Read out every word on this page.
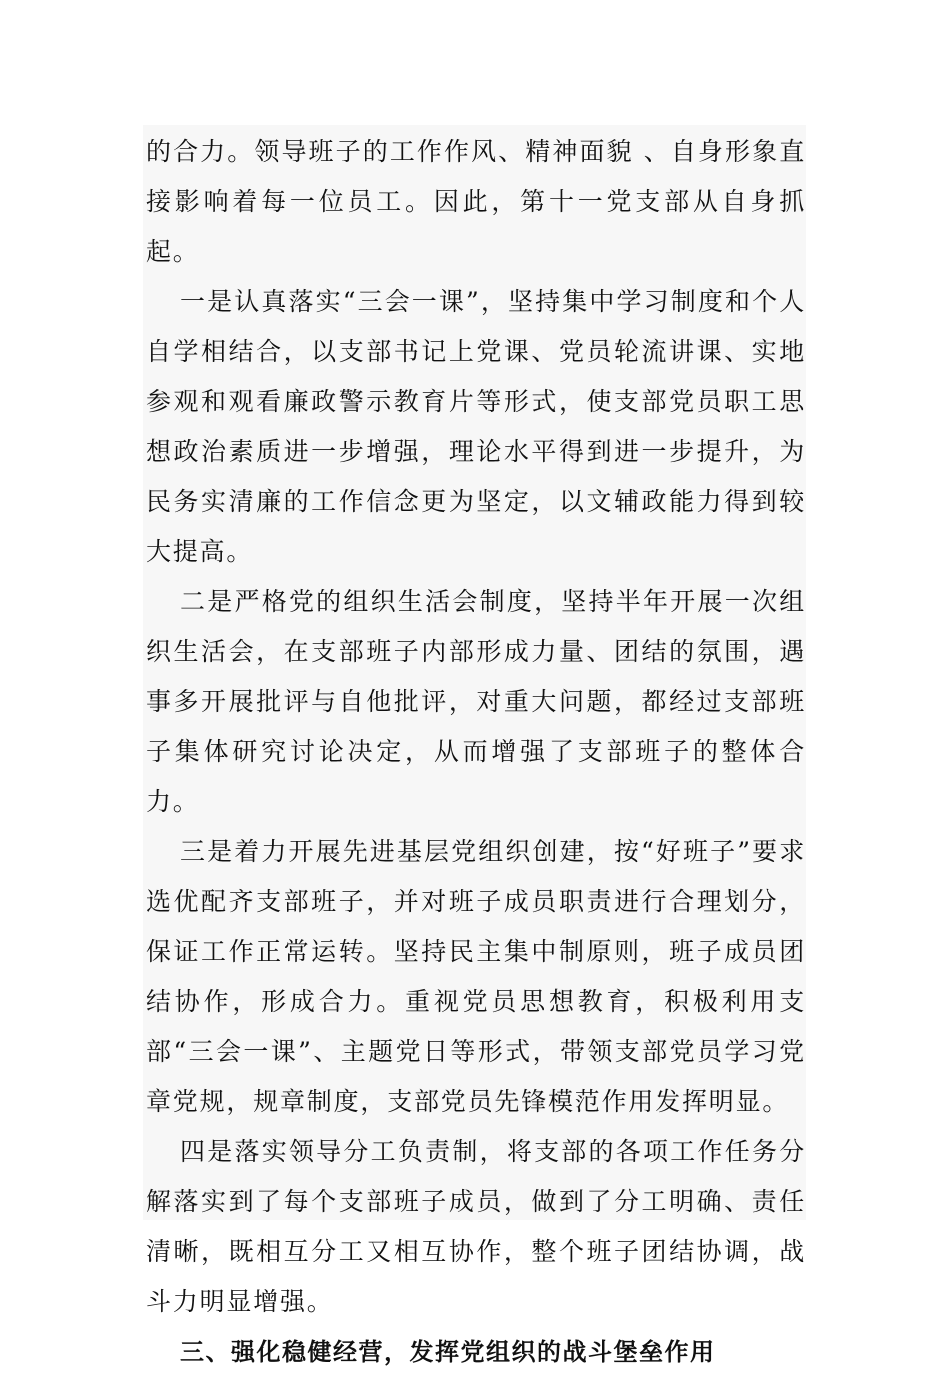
的合力。领导班子的工作作风、精神面貌 、自身形象直接影响着每一位员工。因此，第十一党支部从自身抓起。

一是认真落实“三会一课”，坚持集中学习制度和个人自学相结合，以支部书记上党课、党员轮流讲课、实地参观和观看廉政警示教育片等形式，使支部党员职工思想政治素质进一步增强，理论水平得到进一步提升，为民务实清廉的工作信念更为坚定，以文辅政能力得到较大提高。

二是严格党的组织生活会制度，坚持半年开展一次组织生活会，在支部班子内部形成力量、团结的氛围，遇事多开展批评与自他批评，对重大问题，都经过支部班子集体研究讨论决定，从而增强了支部班子的整体合力。

三是着力开展先进基层党组织创建，按“好班子”要求选优配齐支部班子，并对班子成员职责进行合理划分，保证工作正常运转。坚持民主集中制原则，班子成员团结协作，形成合力。重视党员思想教育，积极利用支部“三会一课”、主题党日等形式，带领支部党员学习党章党规，规章制度，支部党员先锋模范作用发挥明显。

四是落实领导分工负责制，将支部的各项工作任务分解落实到了每个支部班子成员，做到了分工明确、责任清晰，既相互分工又相互协作，整个班子团结协调，战斗力明显增强。

三、强化稳健经营，发挥党组织的战斗堡垒作用
